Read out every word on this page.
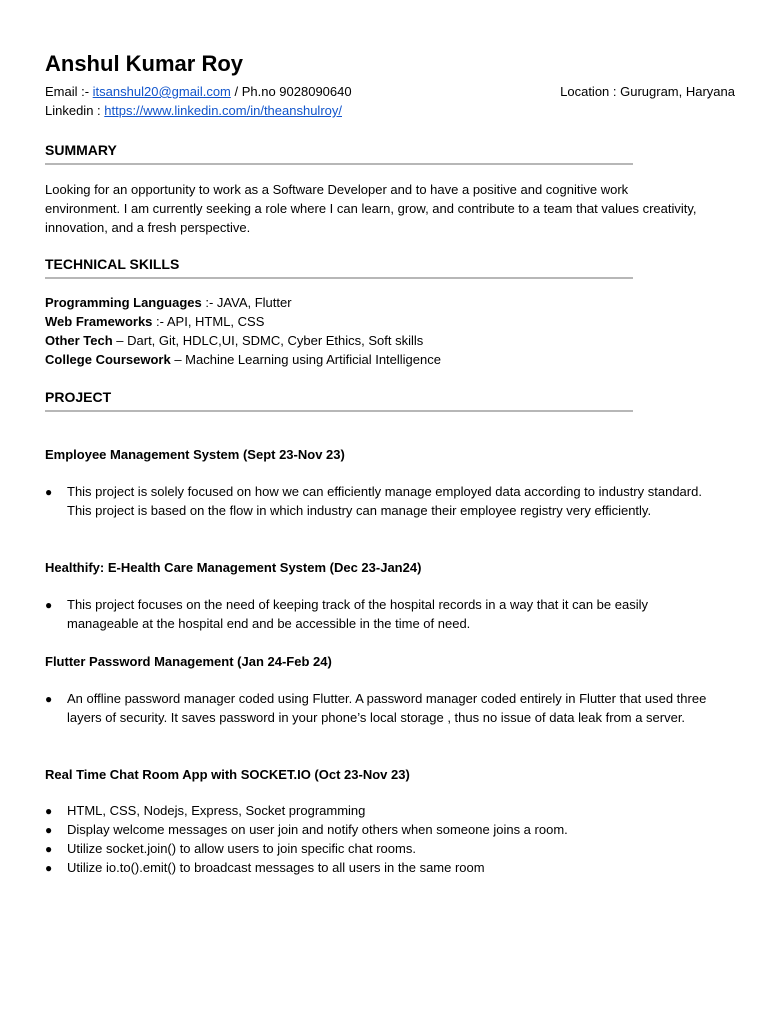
Anshul Kumar Roy
Email :- itsanshul20@gmail.com / Ph.no 9028090640	Location : Gurugram, Haryana
Linkedin : https://www.linkedin.com/in/theanshulroy/
SUMMARY
Looking for an opportunity to work as a Software Developer and to have a positive and cognitive work environment. I am currently seeking a role where I can learn, grow, and contribute to a team that values creativity, innovation, and a fresh perspective.
TECHNICAL SKILLS
Programming Languages :- JAVA, Flutter
Web Frameworks :- API, HTML, CSS
Other Tech – Dart, Git, HDLC,UI, SDMC, Cyber Ethics, Soft skills
College Coursework – Machine Learning using Artificial Intelligence
PROJECT
Employee Management System (Sept 23-Nov 23)
● This project is solely focused on how we can efficiently manage employed data according to industry standard. This project is based on the flow in which industry can manage their employee registry very efficiently.
Healthify: E-Health Care Management System (Dec 23-Jan24)
● This project focuses on the need of keeping track of the hospital records in a way that it can be easily manageable at the hospital end and be accessible in the time of need.
Flutter Password Management (Jan 24-Feb 24)
● An offline password manager coded using Flutter. A password manager coded entirely in Flutter that used three layers of security. It saves password in your phone’s local storage , thus no issue of data leak from a server.
Real Time Chat Room App with SOCKET.IO (Oct 23-Nov 23)
● HTML, CSS, Nodejs, Express, Socket programming
● Display welcome messages on user join and notify others when someone joins a room.
● Utilize socket.join() to allow users to join specific chat rooms.
● Utilize io.to().emit() to broadcast messages to all users in the same room
